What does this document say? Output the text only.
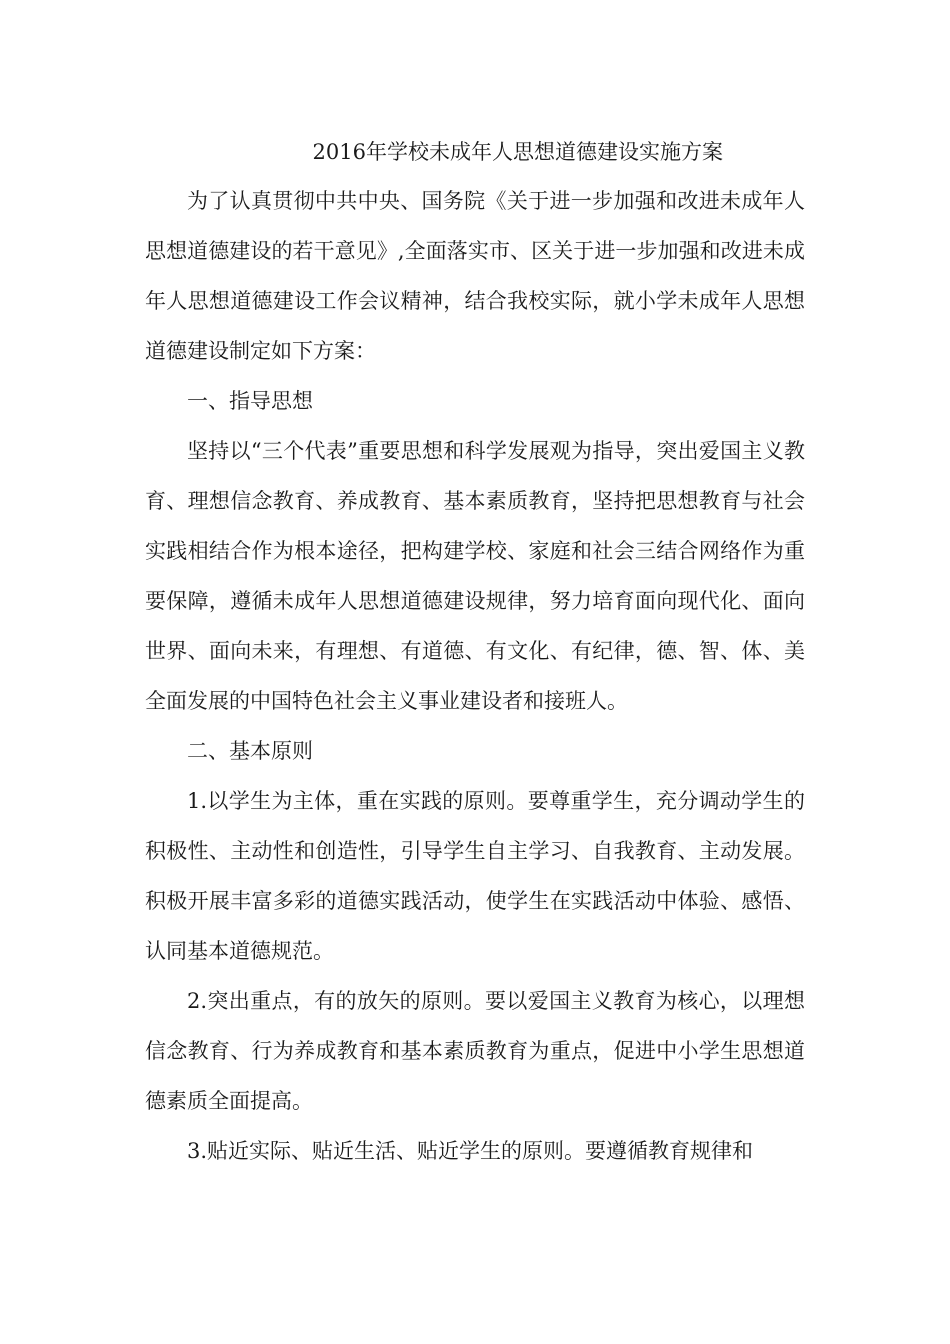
2016年学校未成年人思想道德建设实施方案

为了认真贯彻中共中央、国务院《关于进一步加强和改进未成年人思想道德建设的若干意见》,全面落实市、区关于进一步加强和改进未成年人思想道德建设工作会议精神，结合我校实际，就小学未成年人思想道德建设制定如下方案：

一、指导思想

坚持以“三个代表”重要思想和科学发展观为指导，突出爱国主义教育、理想信念教育、养成教育、基本素质教育，坚持把思想教育与社会实践相结合作为根本途径，把构建学校、家庭和社会三结合网络作为重要保障，遵循未成年人思想道德建设规律，努力培育面向现代化、面向世界、面向未来，有理想、有道德、有文化、有纪律，德、智、体、美全面发展的中国特色社会主义事业建设者和接班人。

二、基本原则

1.以学生为主体，重在实践的原则。要尊重学生，充分调动学生的积极性、主动性和创造性，引导学生自主学习、自我教育、主动发展。积极开展丰富多彩的道德实践活动，使学生在实践活动中体验、感悟、认同基本道德规范。

2.突出重点，有的放矢的原则。要以爱国主义教育为核心，以理想信念教育、行为养成教育和基本素质教育为重点，促进中小学生思想道德素质全面提高。

3.贴近实际、贴近生活、贴近学生的原则。要遵循教育规律和
